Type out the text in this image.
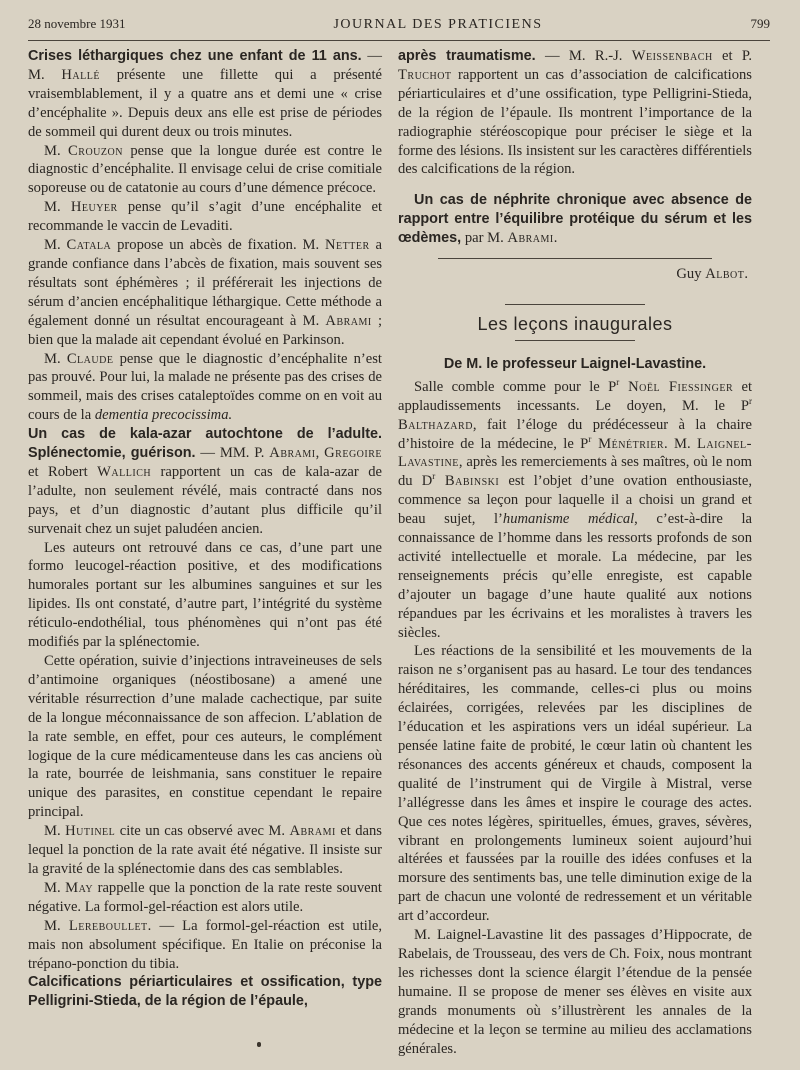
28 novembre 1931	JOURNAL DES PRATICIENS	799

Crises léthargiques chez une enfant de 11 ans. — M. Hallé présente une fillette qui a présenté vraisemblablement, il y a quatre ans et demi une « crise d’encéphalite ». Depuis deux ans elle est prise de périodes de sommeil qui durent deux ou trois minutes.

M. Crouzon pense que la longue durée est contre le diagnostic d’encéphalite. Il envisage celui de crise comitiale soporeuse ou de catatonie au cours d’une démence précoce.

M. Heuyer pense qu’il s’agit d’une encéphalite et recommande le vaccin de Levaditi.

M. Catala propose un abcès de fixation. M. Netter a grande confiance dans l’abcès de fixation, mais souvent ses résultats sont éphémères ; il préférerait les injections de sérum d’ancien encéphalitique léthargique. Cette méthode a également donné un résultat encourageant à M. Abrami ; bien que la malade ait cependant évolué en Parkinson.

M. Claude pense que le diagnostic d’encéphalite n’est pas prouvé. Pour lui, la malade ne présente pas des crises de sommeil, mais des crises cataleptoïdes comme on en voit au cours de la dementia precocissima.

Un cas de kala-azar autochtone de l’adulte. Splénectomie, guérison. — MM. P. Abrami, Gregoire et Robert Wallich rapportent un cas de kala-azar de l’adulte, non seulement révélé, mais contracté dans nos pays, et d’un diagnostic d’autant plus difficile qu’il survenait chez un sujet paludéen ancien.

Les auteurs ont retrouvé dans ce cas, d’une part une formo leucogel-réaction positive, et des modifications humorales portant sur les albumines sanguines et sur les lipides. Ils ont constaté, d’autre part, l’intégrité du système réticulo-endothélial, tous phénomènes qui n’ont pas été modifiés par la splénectomie.

Cette opération, suivie d’injections intraveineuses de sels d’antimoine organiques (néostibosane) a amené une véritable résurrection d’une malade cachectique, par suite de la longue méconnaissance de son affecion. L’ablation de la rate semble, en effet, pour ces auteurs, le complément logique de la cure médicamenteuse dans les cas anciens où la rate, bourrée de leishmania, sans constituer le repaire unique des parasites, en constitue cependant le repaire principal.

M. Hutinel cite un cas observé avec M. Abrami et dans lequel la ponction de la rate avait été négative. Il insiste sur la gravité de la splénectomie dans des cas semblables.

M. May rappelle que la ponction de la rate reste souvent négative. La formol-gel-réaction est alors utile.

M. Lereboullet. — La formol-gel-réaction est utile, mais non absolument spécifique. En Italie on préconise la trépano-ponction du tibia.

Calcifications périarticulaires et ossification, type Pelligrini-Stieda, de la région de l’épaule,

après traumatisme. — M. R.-J. Weissenbach et P. Truchot rapportent un cas d’association de calcifications périarticulaires et d’une ossification, type Pelligrini-Stieda, de la région de l’épaule. Ils montrent l’importance de la radiographie stéréoscopique pour préciser le siège et la forme des lésions. Ils insistent sur les caractères différentiels des calcifications de la région.

Un cas de néphrite chronique avec absence de rapport entre l’équilibre protéique du sérum et les œdèmes, par M. Abrami.

Guy Albot.
Les leçons inaugurales
De M. le professeur Laignel-Lavastine.

Salle comble comme pour le $P^r$ Noël Fiessinger et applaudissements incessants. Le doyen, M. le $P^r$ Balthazard, fait l’éloge du prédécesseur à la chaire d’histoire de la médecine, le $P^r$ Ménétrier. M. Laignel-Lavastine, après les remerciements à ses maîtres, où le nom du $D^r$ Babinski est l’objet d’une ovation enthousiaste, commence sa leçon pour laquelle il a choisi un grand et beau sujet, l’humanisme médical, c’est-à-dire la connaissance de l’homme dans les ressorts profonds de son activité intellectuelle et morale. La médecine, par les renseignements précis qu’elle enregiste, est capable d’ajouter un bagage d’une haute qualité aux notions répandues par les écrivains et les moralistes à travers les siècles.

Les réactions de la sensibilité et les mouvements de la raison ne s’organisent pas au hasard. Le tour des tendances héréditaires, les commande, celles-ci plus ou moins éclairées, corrigées, relevées par les disciplines de l’éducation et les aspirations vers un idéal supérieur. La pensée latine faite de probité, le cœur latin où chantent les résonances des accents généreux et chauds, composent la qualité de l’instrument qui de Virgile à Mistral, verse l’allégresse dans les âmes et inspire le courage des actes. Que ces notes légères, spirituelles, émues, graves, sévères, vibrant en prolongements lumineux soient aujourd’hui altérées et faussées par la rouille des idées confuses et la morsure des sentiments bas, une telle diminution exige de la part de chacun une volonté de redressement et un véritable art d’accordeur.

M. Laignel-Lavastine lit des passages d’Hippocrate, de Rabelais, de Trousseau, des vers de Ch. Foix, nous montrant les richesses dont la science élargit l’étendue de la pensée humaine. Il se propose de mener ses élèves en visite aux grands monuments où s’illustrèrent les annales de la médecine et la leçon se termine au milieu des acclamations générales.
